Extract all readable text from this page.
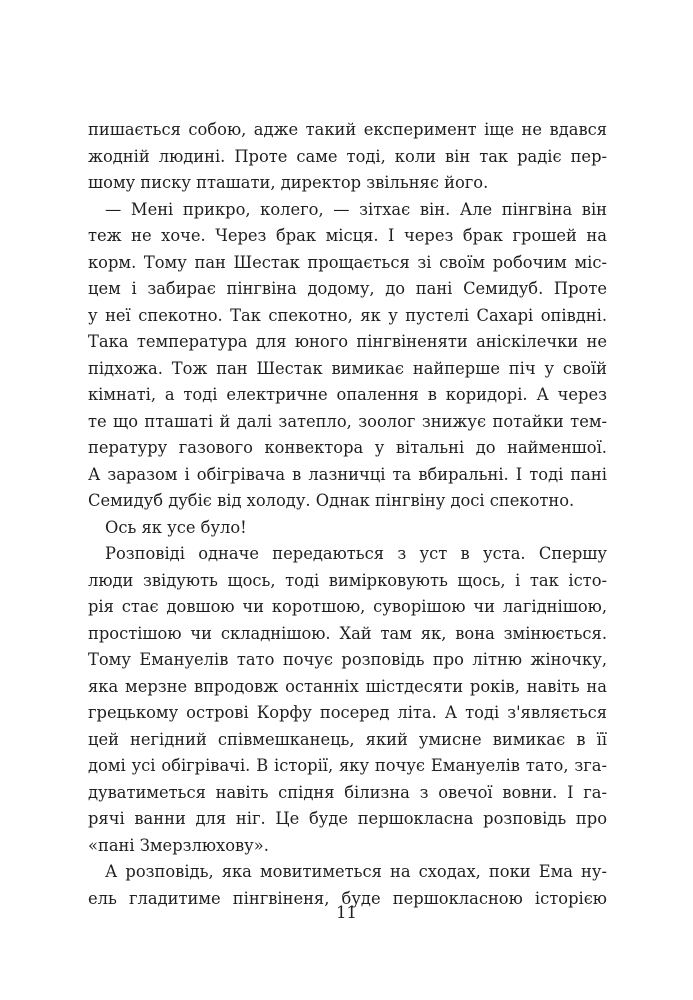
пишається собою, адже такий експеримент іще не вдався
жодній людині. Проте саме тоді, коли він так радіє пер-
шому писку пташати, директор звільняє його.
— Мені прикро, колего, — зітхає він. Але пінгвіна він
теж не хоче. Через брак місця. І через брак грошей на
корм. Тому пан Шестак прощається зі своїм робочим міс-
цем і забирає пінгвіна додому, до пані Семидуб. Проте
у неї спекотно. Так спекотно, як у пустелі Сахарі опівдні.
Така температура для юного пінгвіненяти аніскілечки не
підхожа. Тож пан Шестак вимикає найперше піч у своїй
кімнаті, а тоді електричне опалення в коридорі. А через
те що пташаті й далі затепло, зоолог знижує потайки тем-
пературу газового конвектора у вітальні до найменшої.
А заразом і обігрівача в лазничці та вбиральні. І тоді пані
Семидуб дубіє від холоду. Однак пінгвіну досі спекотно.
Ось як усе було!
Розповіді одначе передаються з уст в уста. Спершу
люди звідують щось, тоді вимірковують щось, і так істо-
рія стає довшою чи коротшою, суворішою чи лагіднішою,
простішою чи складнішою. Хай там як, вона змінюється.
Тому Емануелів тато почує розповідь про літню жіночку,
яка мерзне впродовж останніх шістдесяти років, навіть на
грецькому острові Корфу посеред літа. А тоді з'являється
цей негідний співмешканець, який умисне вимикає в її
домі усі обігрівачі. В історії, яку почує Емануелів тато, зга-
дуватиметься навіть спідня білизна з овечої вовни. І га-
рячі ванни для ніг. Це буде першокласна розповідь про
«пані Змерзлюхову».
А розповідь, яка мовитиметься на сходах, поки Ема ну-
ель гладитиме пінгвіненя, буде першокласною історією
11
